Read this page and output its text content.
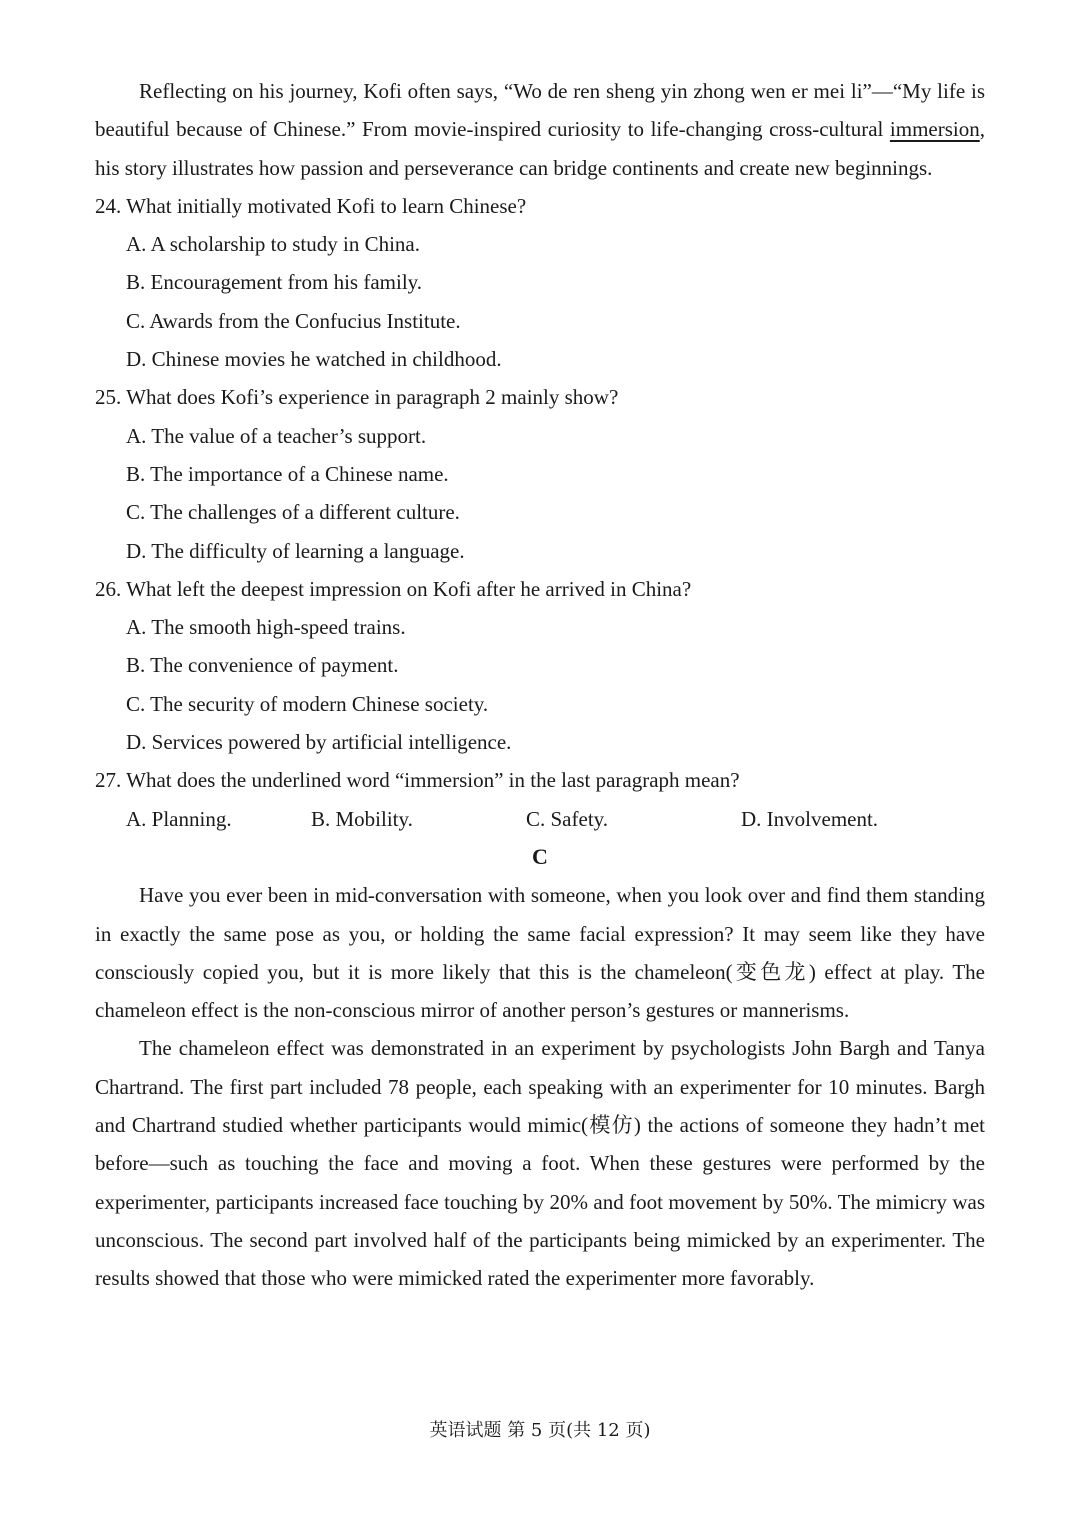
Reflecting on his journey, Kofi often says, “Wo de ren sheng yin zhong wen er mei li”—“My life is beautiful because of Chinese.” From movie-inspired curiosity to life-changing cross-cultural immersion, his story illustrates how passion and perseverance can bridge continents and create new beginnings.

24. What initially motivated Kofi to learn Chinese?

A. A scholarship to study in China.

B. Encouragement from his family.

C. Awards from the Confucius Institute.

D. Chinese movies he watched in childhood.

25. What does Kofi’s experience in paragraph 2 mainly show?

A. The value of a teacher’s support.

B. The importance of a Chinese name.

C. The challenges of a different culture.

D. The difficulty of learning a language.

26. What left the deepest impression on Kofi after he arrived in China?

A. The smooth high-speed trains.

B. The convenience of payment.

C. The security of modern Chinese society.

D. Services powered by artificial intelligence.

27. What does the underlined word “immersion” in the last paragraph mean?

A. Planning.	B. Mobility.	C. Safety.	D. Involvement.

C

Have you ever been in mid-conversation with someone, when you look over and find them standing in exactly the same pose as you, or holding the same facial expression? It may seem like they have consciously copied you, but it is more likely that this is the chameleon(变色龙) effect at play. The chameleon effect is the non-conscious mirror of another person’s gestures or mannerisms.

The chameleon effect was demonstrated in an experiment by psychologists John Bargh and Tanya Chartrand. The first part included 78 people, each speaking with an experimenter for 10 minutes. Bargh and Chartrand studied whether participants would mimic(模仿) the actions of someone they hadn’t met before—such as touching the face and moving a foot. When these gestures were performed by the experimenter, participants increased face touching by 20% and foot movement by 50%. The mimicry was unconscious. The second part involved half of the participants being mimicked by an experimenter. The results showed that those who were mimicked rated the experimenter more favorably.

英语试题 第 5 页(共 12 页)
